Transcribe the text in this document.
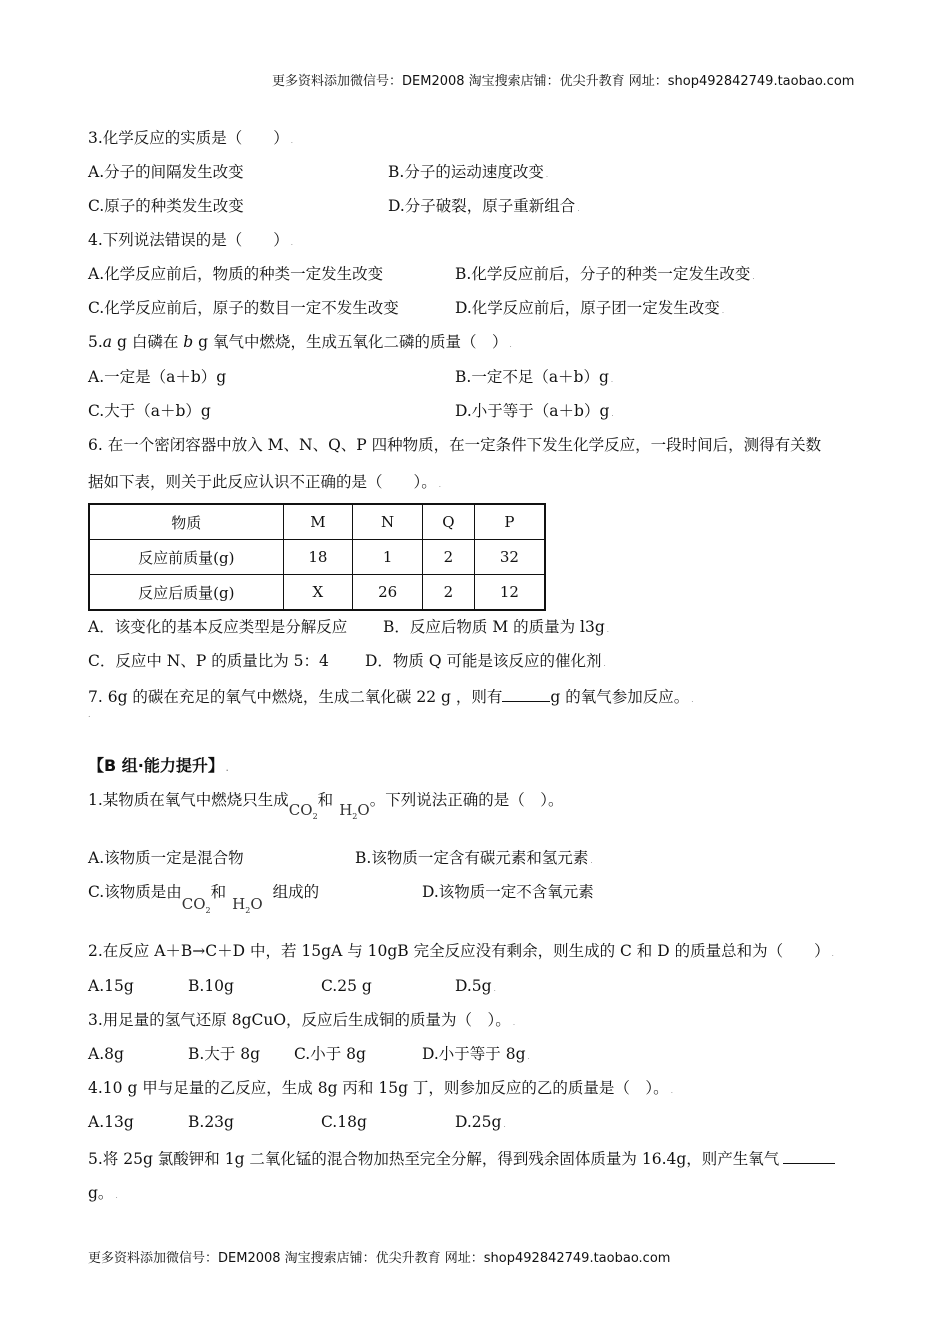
更多资料添加微信号：DEM2008 淘宝搜索店铺：优尖升教育 网址：shop492842749.taobao.com
3.化学反应的实质是（　　） .
A.分子的间隔发生改变	B.分子的运动速度改变 .
C.原子的种类发生改变	D.分子破裂，原子重新组合 .
4.下列说法错误的是（　　） .
A.化学反应前后，物质的种类一定发生改变	B.化学反应前后，分子的种类一定发生改变 .
C.化学反应前后，原子的数目一定不发生改变	D.化学反应前后，原子团一定发生改变 .
5.a g 白磷在 b g 氧气中燃烧，生成五氧化二磷的质量（　） .
A.一定是（a＋b）g	B.一定不足（a＋b）g .
C.大于（a＋b）g	D.小于等于（a＋b）g .
6. 在一个密闭容器中放入 M、N、Q、P 四种物质，在一定条件下发生化学反应，一段时间后，测得有关数
据如下表，则关于此反应认识不正确的是（　　）。 .
物质	M	N	Q	P
反应前质量(g)	18	1	2	32
反应后质量(g)	X	26	2	12
A．该变化的基本反应类型是分解反应 B．反应后物质 M 的质量为 l3g .
C．反应中 N、P 的质量比为 5：4 D．物质 Q 可能是该反应的催化剂 .
7. 6g 的碳在充足的氧气中燃烧，生成二氧化碳 22 g ，则有	g 的氧气参加反应。 .
.
【B 组·能力提升】 .
1.某物质在氧气中燃烧只生成$CO_2$和$H_2O$。下列说法正确的是（　）。
A.该物质一定是混合物	B.该物质一定含有碳元素和氢元素 .
C.该物质是由$CO_2$和$H_2O$组成的	D.该物质一定不含氧元素
2.在反应 A＋B→C＋D 中，若 15gA 与 10gB 完全反应没有剩余，则生成的 C 和 D 的质量总和为（　　） .
A.15g	B.10g	C.25 g	D.5g .
3.用足量的氢气还原 8gCuO，反应后生成铜的质量为（　）。 .
A.8g	B.大于 8g C.小于 8g	D.小于等于 8g .
4.10 g 甲与足量的乙反应，生成 8g 丙和 15g 丁，则参加反应的乙的质量是（　）。 .
A.13g	B.23g	C.18g	D.25g .
5.将 25g 氯酸钾和 1g 二氧化锰的混合物加热至完全分解，得到残余固体质量为 16.4g，则产生氧气
g。 .
更多资料添加微信号：DEM2008 淘宝搜索店铺：优尖升教育 网址：shop492842749.taobao.com
